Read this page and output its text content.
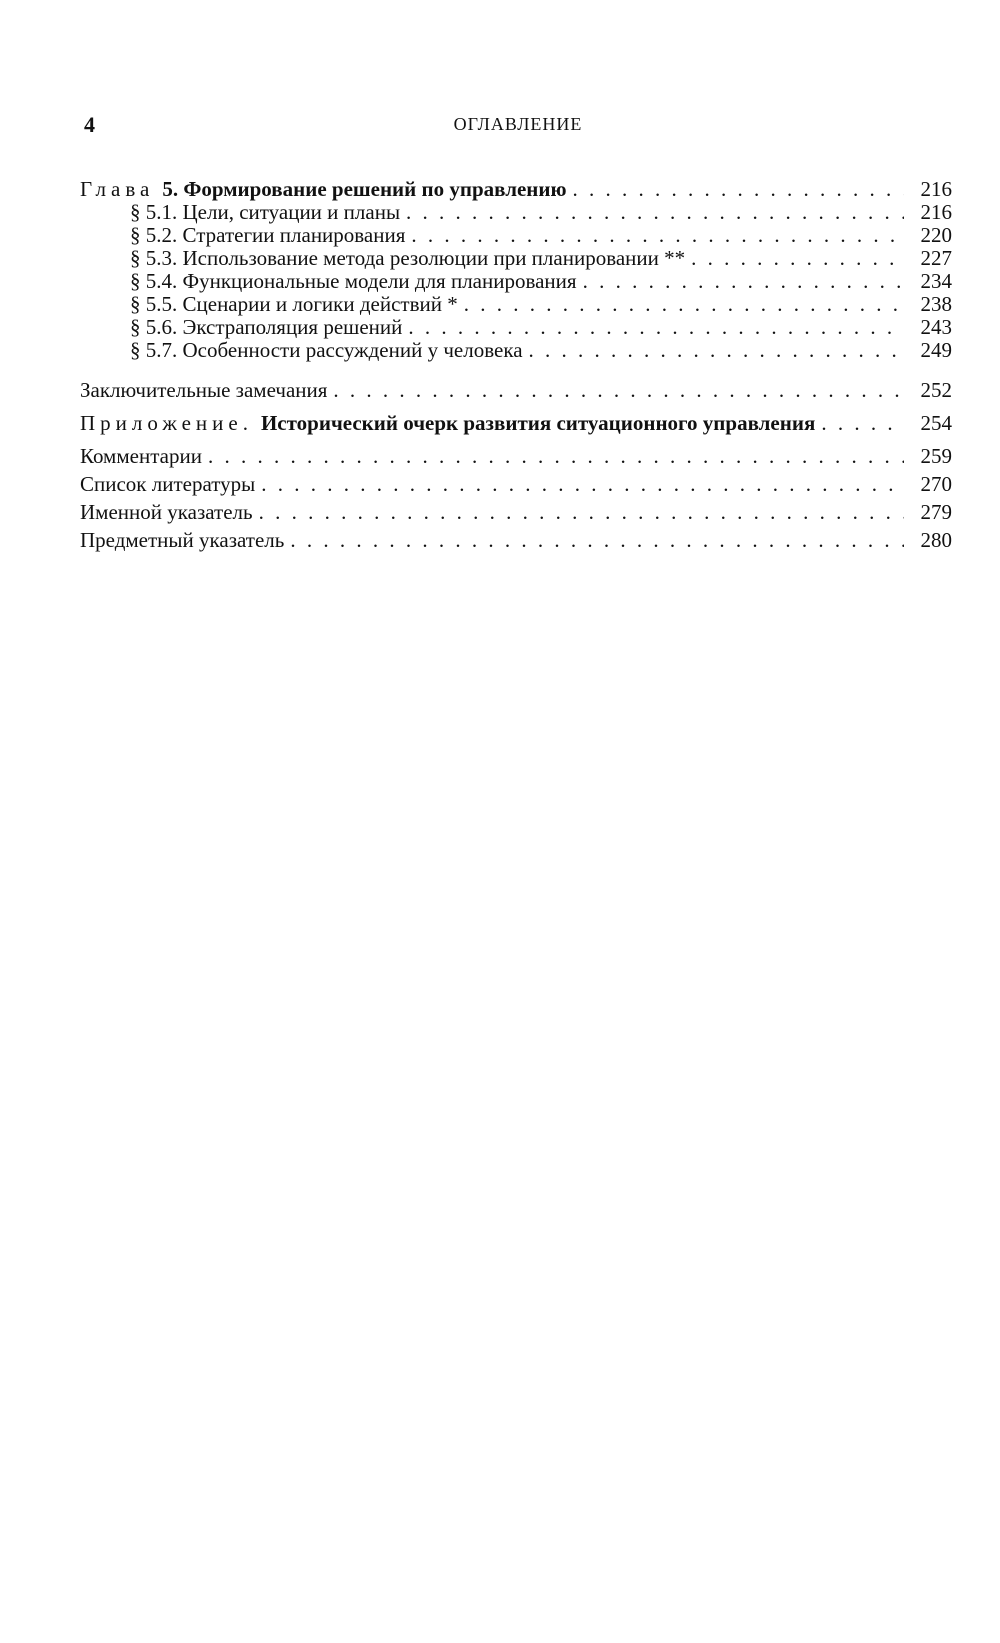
4	ОГЛАВЛЕНИЕ
Глава 5. Формирование решений по управлению . . .	216
§ 5.1. Цели, ситуации и планы . . .	216
§ 5.2. Стратегии планирования . . .	220
§ 5.3. Использование метода резолюции при планировании ** . . .	227
§ 5.4. Функциональные модели для планирования . . .	234
§ 5.5. Сценарии и логики действий * . . .	238
§ 5.6. Экстраполяция решений . . .	243
§ 5.7. Особенности рассуждений у человека . . .	249
Заключительные замечания . . .	252
Приложение. Исторический очерк развития ситуационного управления . . .	254
Комментарии . . .	259
Список литературы . . .	270
Именной указатель . . .	279
Предметный указатель . . .	280
